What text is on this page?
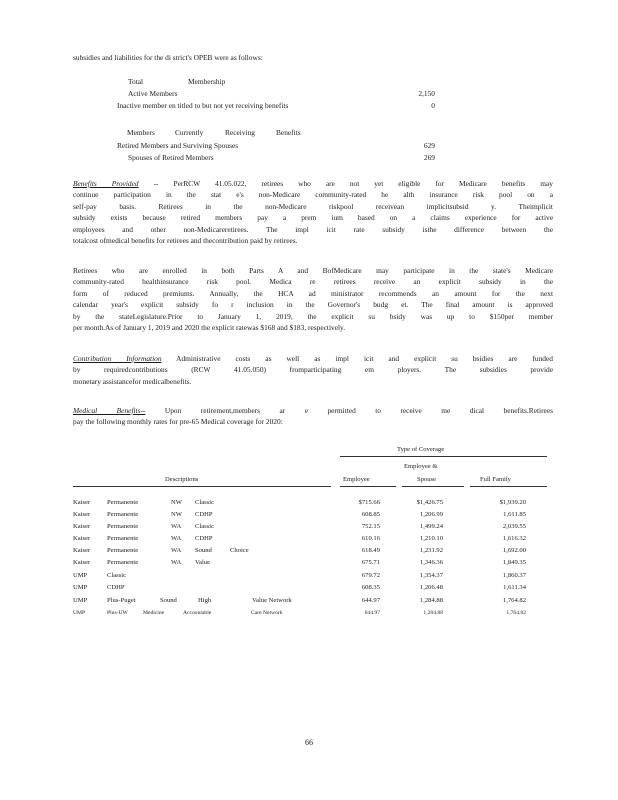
subsidies and liabilities for the di strict's OPEB were as follows:
Total	Membership
Active Members	2,150
Inactive member en titled to but not yet receiving benefits	0
Members	Currently	Receiving	Benefits
Retired Members and Surviving Spouses	629
Spouses of Retired Members	269
Benefits Provided -- PerRCW 41.05.022, retirees who are not yet eligible for Medicare benefits may
continue participation in the stat e's non-Medicare community-rated he alth insurance risk pool on a
self-pay basis. Retirees in the non-Medicare riskpool receivean implicitsubsid y. Theimplicit
subsidy exists because retired members pay a prem ium based on a claims experience for active
employees and other non-Medicareretirees. The impl icit rate subsidy isthe difference between the
totalcost ofmedical benefits for retirees and thecontribution paid by retirees.
Retirees who are enrolled in both Parts A and BofMedicare may participate in the state's Medicare
community-rated healthinsurance risk pool. Medica re retirees receive an explicit subsidy in the
form of reduced premiums. Annually, the HCA ad ministrator recommends an amount for the next
calendar year's explicit subsidy fo r inclusion in the Governor's budg et. The final amount is approved
by the stateLegislature.Prior to January 1, 2019, the explicit su bsidy was up to $150per member
per month.As of January 1, 2019 and 2020 the explicit ratewas $168 and $183, respectively.
Contribution Information Administrative costs as well as impl icit and explicit su bsidies are funded
by requiredcontributions (RCW 41.05.050) fromparticipating em ployers. The subsidies provide
monetary assistancefor medicalbenefits.
Medical Benefits--	Upon retirement,members ar e permitted to receive me dical benefits.Retirees
pay the following monthly rates for pre-65 Medical coverage for 2020:
Type of Coverage
Employee &
Descriptions	Employee	Spouse	Full Family
Kaiser	Permanente	NW Classic	$715.66	$1,426.75	$1,939.20
Kaiser	Permanente	NW CDHP	608.85	1,206.99	1,611.85
Kaiser	Permanente	WA Classic	752.15	1,499.24	2,039.55
Kaiser	Permanente	WA CDHP	610.16	1,210.10	1,616.32
Kaiser	Permanente	WA Sound	Choice	618.49	1,231.92	1,692.00
Kaiser	Permanente	WA Value	675.71	1,346.36	1,849.35
UMP	Classic	679.72	1,354.37	1,860.37
UMP	CDHP	608.35	1,206.48	1,611.34
UMP	Plus-Puget	Sound	High	Value Network	644.97	1,284.88	1,764.82
UMP	Plus-UW	Medicine	Accountable	Care Network	644.97	1,284.88	1,764.82
66
